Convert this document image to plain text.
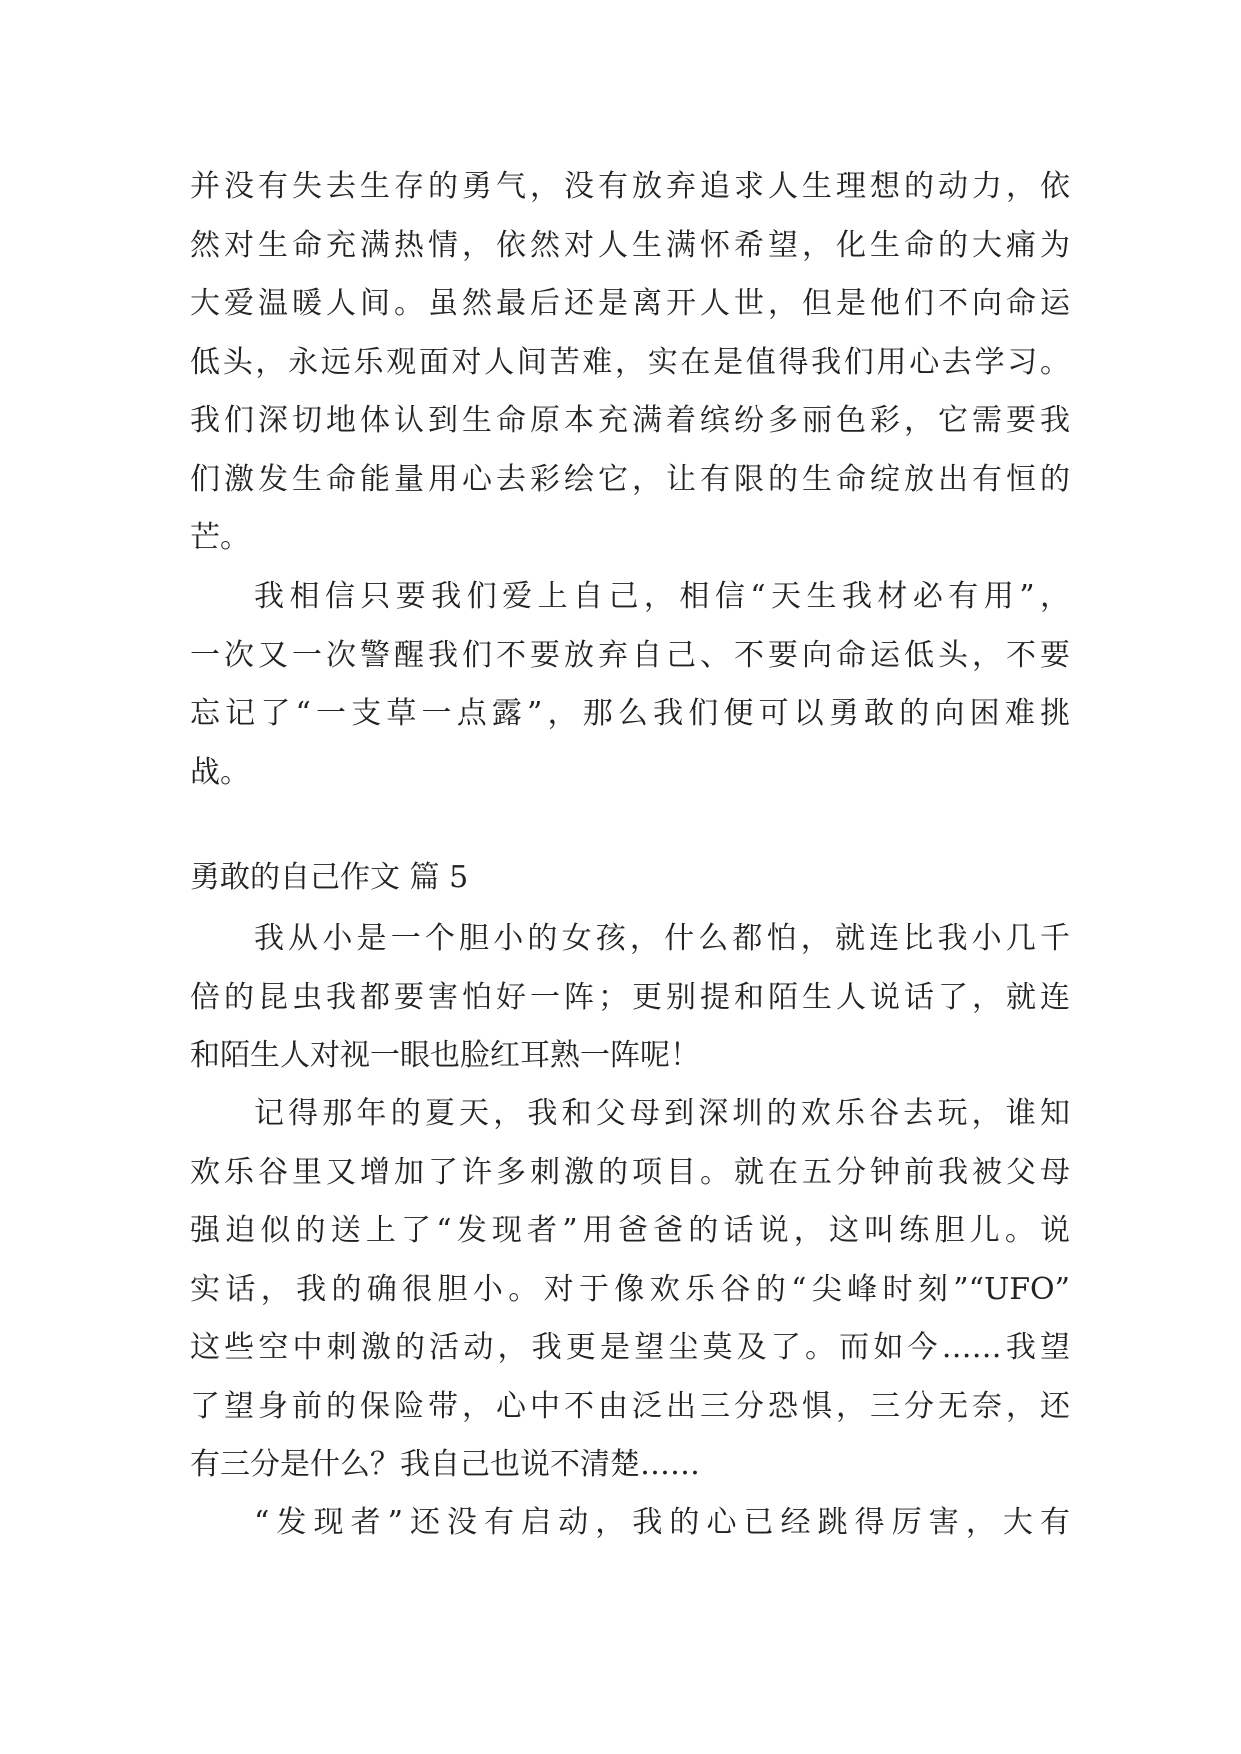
并没有失去生存的勇气，没有放弃追求人生理想的动力，依
然对生命充满热情，依然对人生满怀希望，化生命的大痛为
大爱温暖人间。虽然最后还是离开人世，但是他们不向命运
低头，永远乐观面对人间苦难，实在是值得我们用心去学习。
我们深切地体认到生命原本充满着缤纷多丽色彩，它需要我
们激发生命能量用心去彩绘它，让有限的生命绽放出有恒的
芒。
我相信只要我们爱上自己，相信“天生我材必有用”，
一次又一次警醒我们不要放弃自己、不要向命运低头，不要
忘记了“一支草一点露”，那么我们便可以勇敢的向困难挑
战。
勇敢的自己作文 篇 5
我从小是一个胆小的女孩，什么都怕，就连比我小几千
倍的昆虫我都要害怕好一阵；更别提和陌生人说话了，就连
和陌生人对视一眼也脸红耳熟一阵呢！
记得那年的夏天，我和父母到深圳的欢乐谷去玩，谁知
欢乐谷里又增加了许多刺激的项目。就在五分钟前我被父母
强迫似的送上了“发现者”用爸爸的话说，这叫练胆儿。说
实话，我的确很胆小。对于像欢乐谷的“尖峰时刻”“UFO”
这些空中刺激的活动，我更是望尘莫及了。而如今……我望
了望身前的保险带，心中不由泛出三分恐惧，三分无奈，还
有三分是什么？我自己也说不清楚……
“发现者”还没有启动，我的心已经跳得厉害，大有
